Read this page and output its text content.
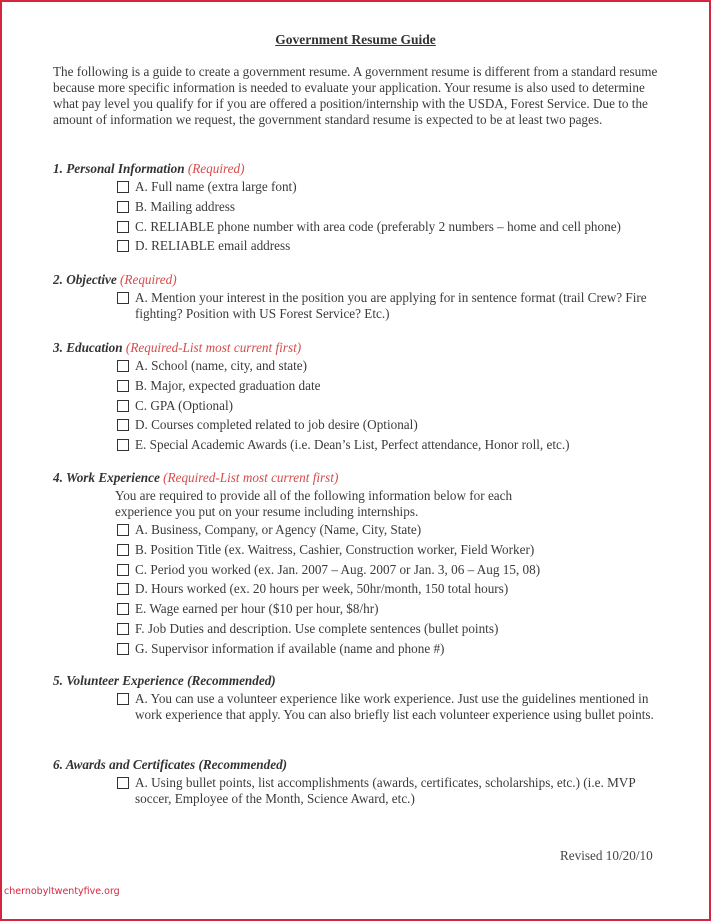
Government Resume Guide
The following is a guide to create a government resume. A government resume is different from a standard resume because more specific information is needed to evaluate your application. Your resume is also used to determine what pay level you qualify for if you are offered a position/internship with the USDA, Forest Service. Due to the amount of information we request, the government standard resume is expected to be at least two pages.
1. Personal Information (Required)
A. Full name (extra large font)
B. Mailing address
C. RELIABLE phone number with area code (preferably 2 numbers – home and cell phone)
D. RELIABLE email address
2. Objective (Required)
A. Mention your interest in the position you are applying for in sentence format (trail Crew? Fire fighting? Position with US Forest Service? Etc.)
3. Education (Required-List most current first)
A. School (name, city, and state)
B. Major, expected graduation date
C. GPA (Optional)
D. Courses completed related to job desire (Optional)
E. Special Academic Awards (i.e. Dean’s List, Perfect attendance, Honor roll, etc.)
4. Work Experience (Required-List most current first)
You are required to provide all of the following information below for each experience you put on your resume including internships.
A. Business, Company, or Agency (Name, City, State)
B. Position Title (ex. Waitress, Cashier, Construction worker, Field Worker)
C. Period you worked (ex. Jan. 2007 – Aug. 2007 or Jan. 3, 06 – Aug 15, 08)
D. Hours worked (ex. 20 hours per week, 50hr/month, 150 total hours)
E. Wage earned per hour ($10 per hour, $8/hr)
F. Job Duties and description. Use complete sentences (bullet points)
G. Supervisor information if available (name and phone #)
5. Volunteer Experience (Recommended)
A. You can use a volunteer experience like work experience. Just use the guidelines mentioned in work experience that apply. You can also briefly list each volunteer experience using bullet points.
6. Awards and Certificates (Recommended)
A. Using bullet points, list accomplishments (awards, certificates, scholarships, etc.) (i.e. MVP soccer, Employee of the Month, Science Award, etc.)
Revised 10/20/10
chernobyltwentyfive.org
